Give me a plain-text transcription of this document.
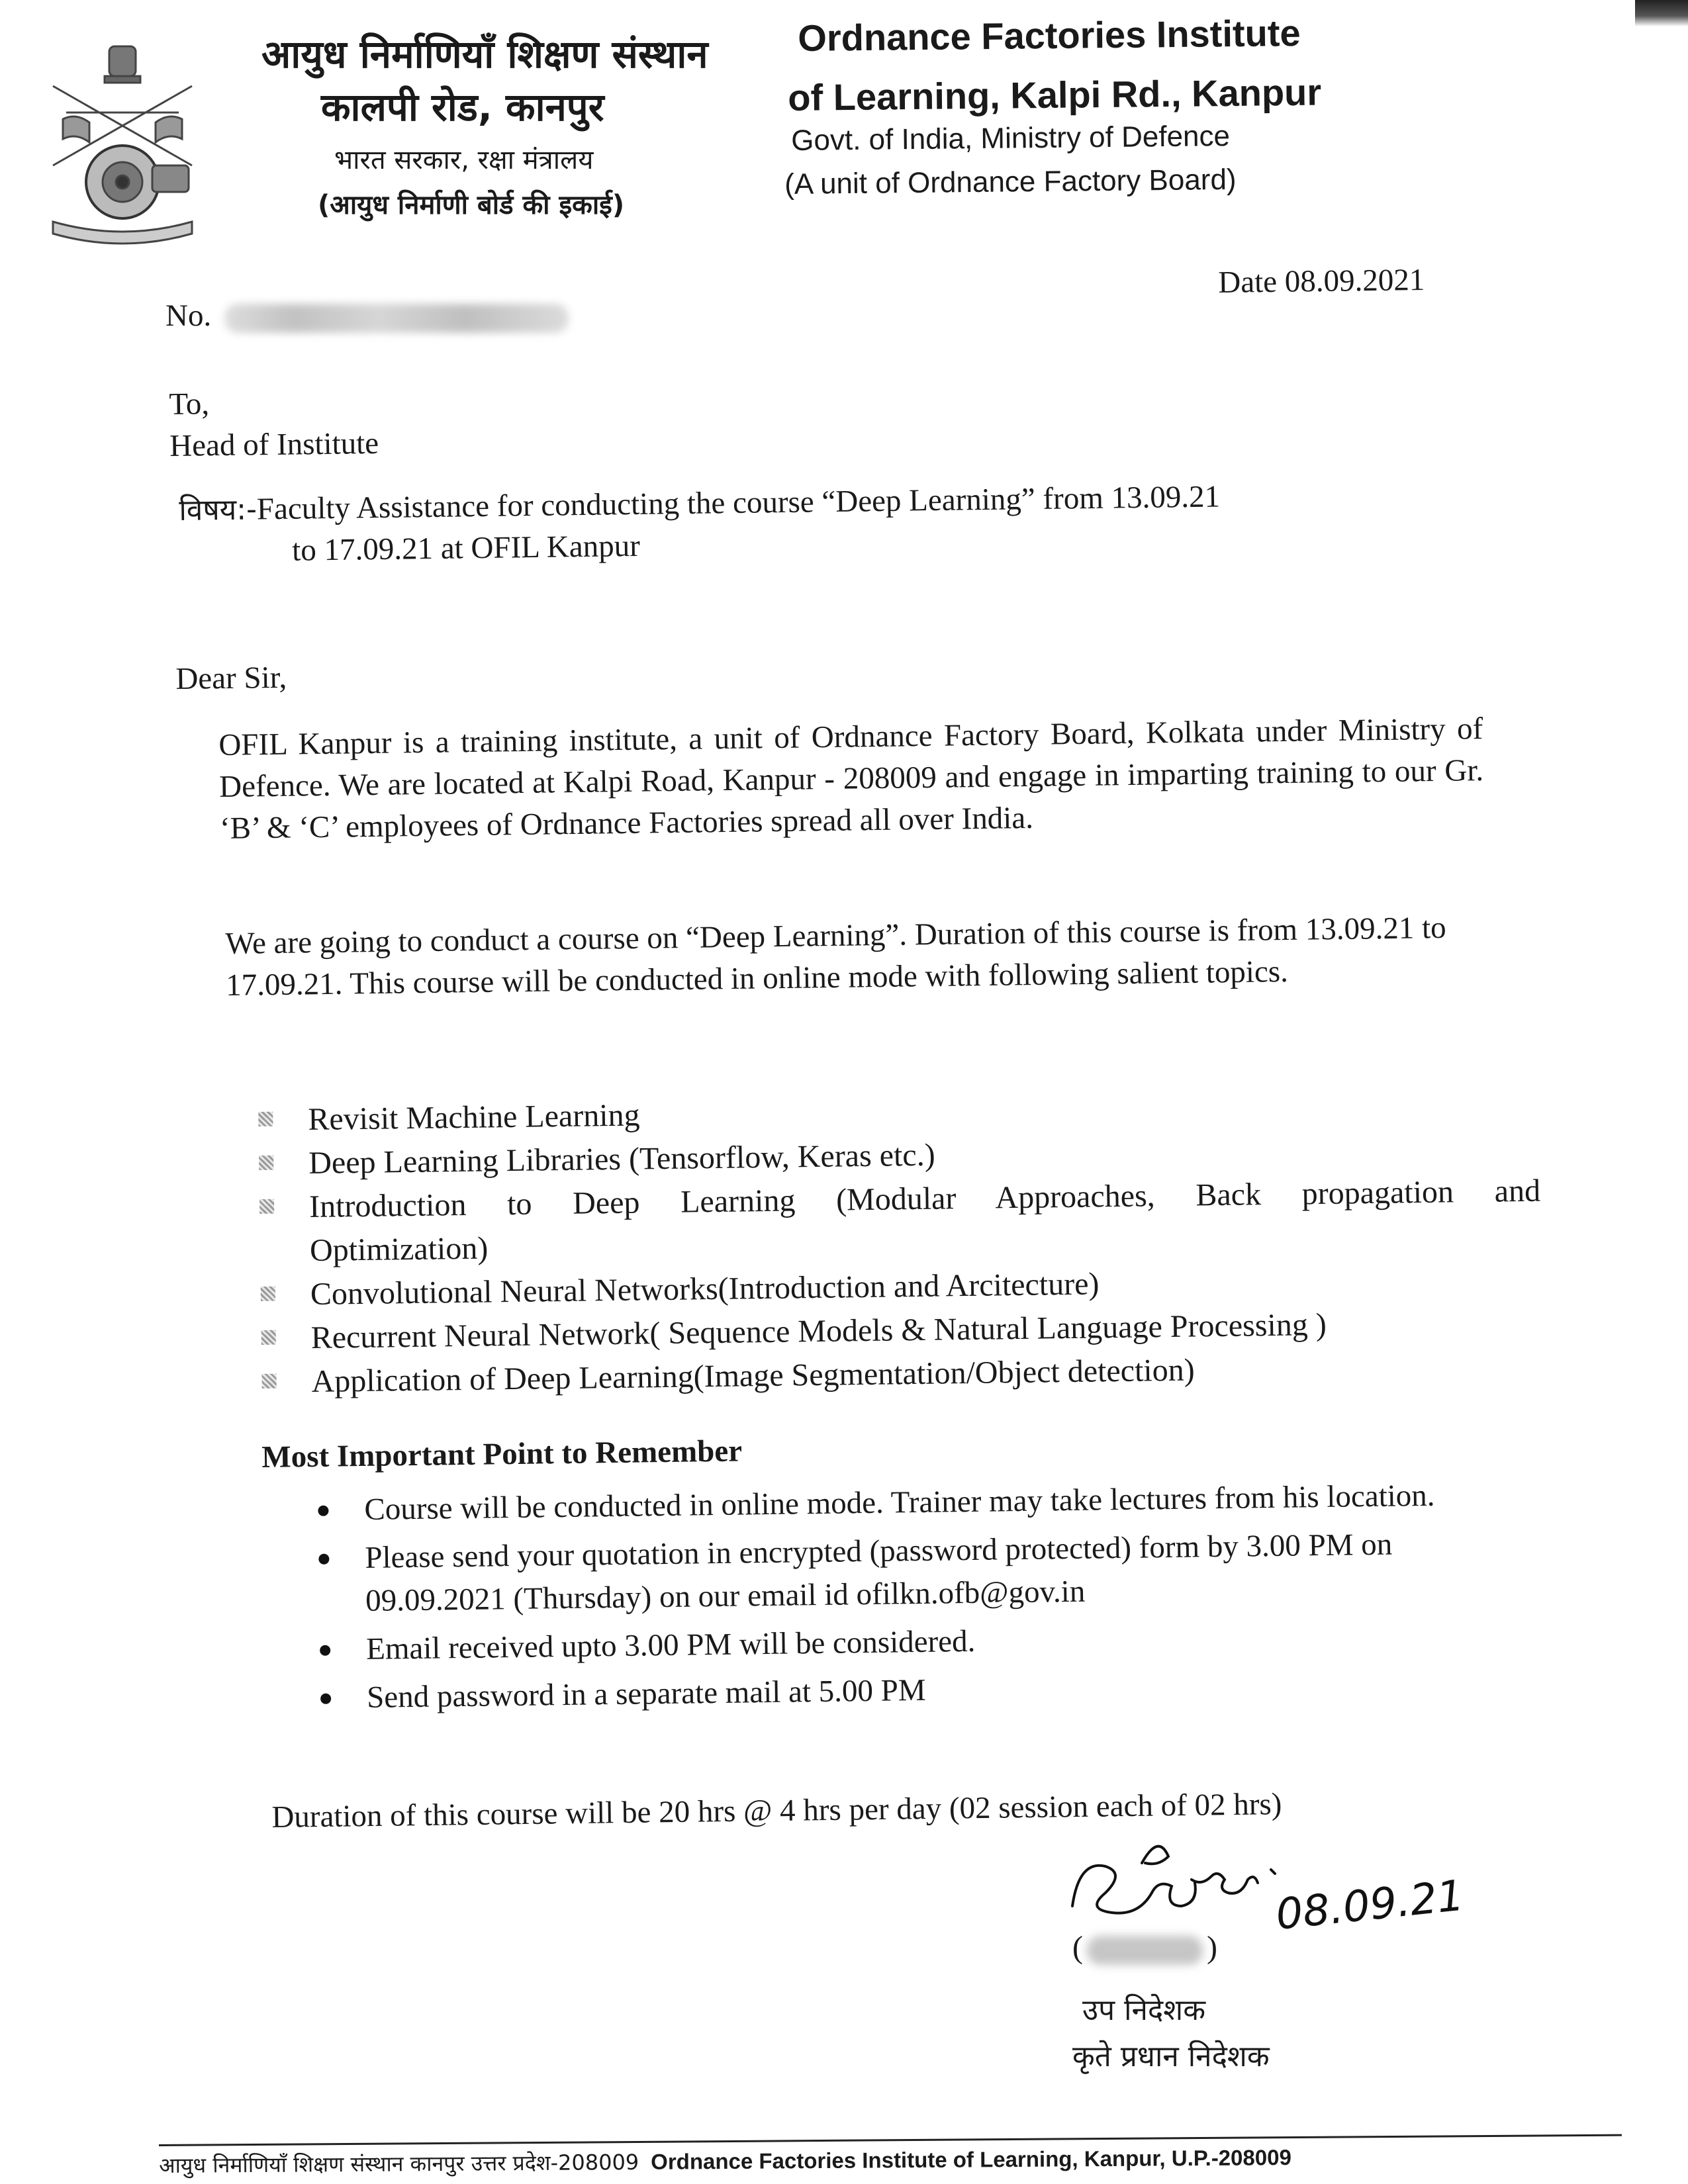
आयुध निर्माणियाँ शिक्षण संस्थान
कालपी रोड, कानपुर
भारत सरकार, रक्षा मंत्रालय
(आयुध निर्माणी बोर्ड की इकाई)
Ordnance Factories Institute
of Learning, Kalpi Rd., Kanpur
Govt. of India, Ministry of Defence
(A unit of Ordnance Factory Board)
No.
Date 08.09.2021
To,
Head of Institute
विषय:-Faculty Assistance for conducting the course “Deep Learning” from 13.09.21
to 17.09.21 at OFIL Kanpur
Dear Sir,
OFIL Kanpur is a training institute, a unit of Ordnance Factory Board, Kolkata under Ministry of Defence. We are located at Kalpi Road, Kanpur - 208009 and engage in imparting training to our Gr. ‘B’ & ‘C’ employees of Ordnance Factories spread all over India.
We are going to conduct a course on “Deep Learning”. Duration of this course is from 13.09.21 to 17.09.21. This course will be conducted in online mode with following salient topics.
Revisit Machine Learning
Deep Learning Libraries (Tensorflow, Keras etc.)
Introduction to Deep Learning (Modular Approaches, Back propagation and
Optimization)
Convolutional Neural Networks(Introduction and Arcitecture)
Recurrent Neural Network( Sequence Models & Natural Language Processing )
Application of Deep Learning(Image Segmentation/Object detection)
Most Important Point to Remember
Course will be conducted in online mode. Trainer may take lectures from his location.
Please send your quotation in encrypted (password protected) form by 3.00 PM on 09.09.2021 (Thursday) on our email id ofilkn.ofb@gov.in
Email received upto 3.00 PM will be considered.
Send password in a separate mail at 5.00 PM
Duration of this course will be 20 hrs @ 4 hrs per day (02 session each of 02 hrs)
08.09.21
(	)
उप निदेशक
कृते प्रधान निदेशक
आयुध निर्माणियाँ शिक्षण संस्थान कानपुर उत्तर प्रदेश-208009 Ordnance Factories Institute of Learning, Kanpur, U.P.-208009
